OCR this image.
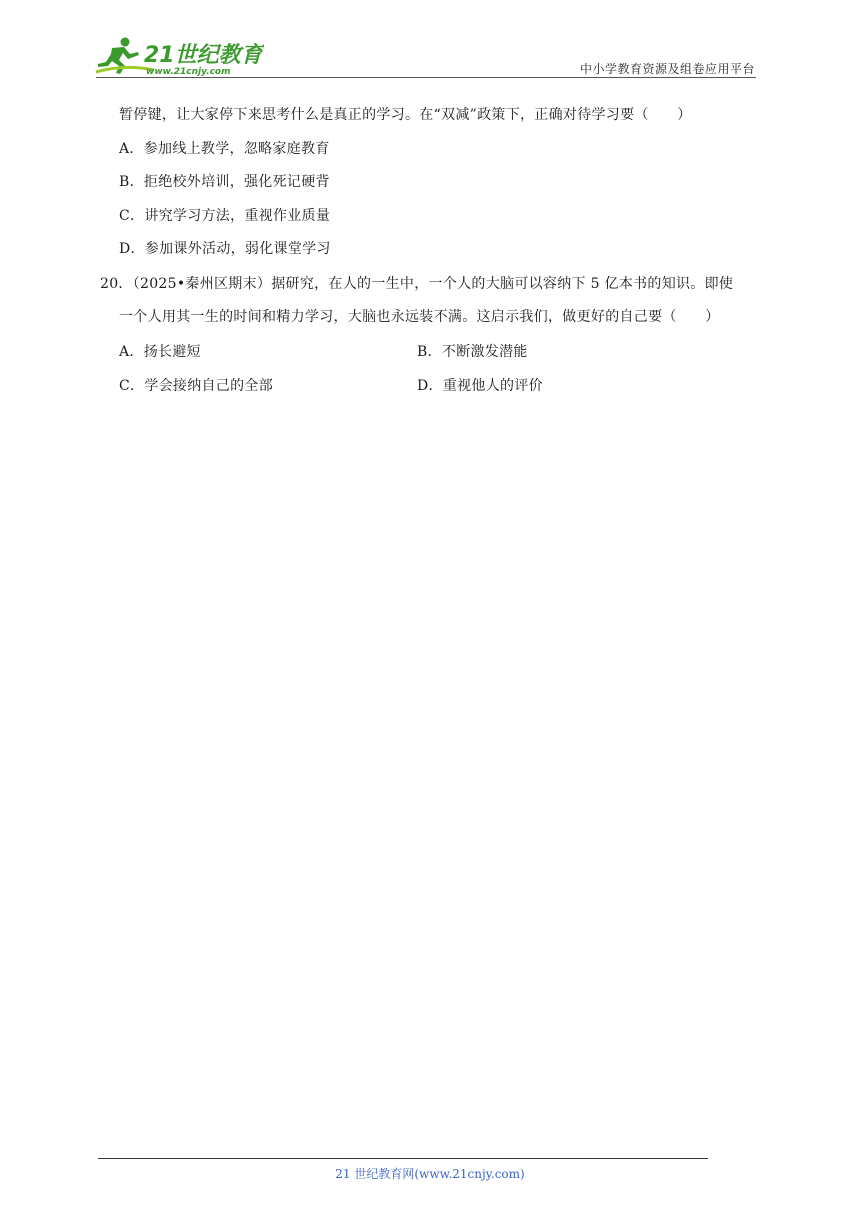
21世纪教育
www.21cnjy.com	中小学教育资源及组卷应用平台
暂停键，让大家停下来思考什么是真正的学习。在“双减”政策下，正确对待学习要（　　）
A．参加线上教学，忽略家庭教育
B．拒绝校外培训，强化死记硬背
C．讲究学习方法，重视作业质量
D．参加课外活动，弱化课堂学习
20．（2025•秦州区期末）据研究，在人的一生中，一个人的大脑可以容纳下 5 亿本书的知识。即使
一个人用其一生的时间和精力学习，大脑也永远装不满。这启示我们，做更好的自己要（　　）
A．扬长避短	B．不断激发潜能
C．学会接纳自己的全部	D．重视他人的评价
21 世纪教育网(www.21cnjy.com)
